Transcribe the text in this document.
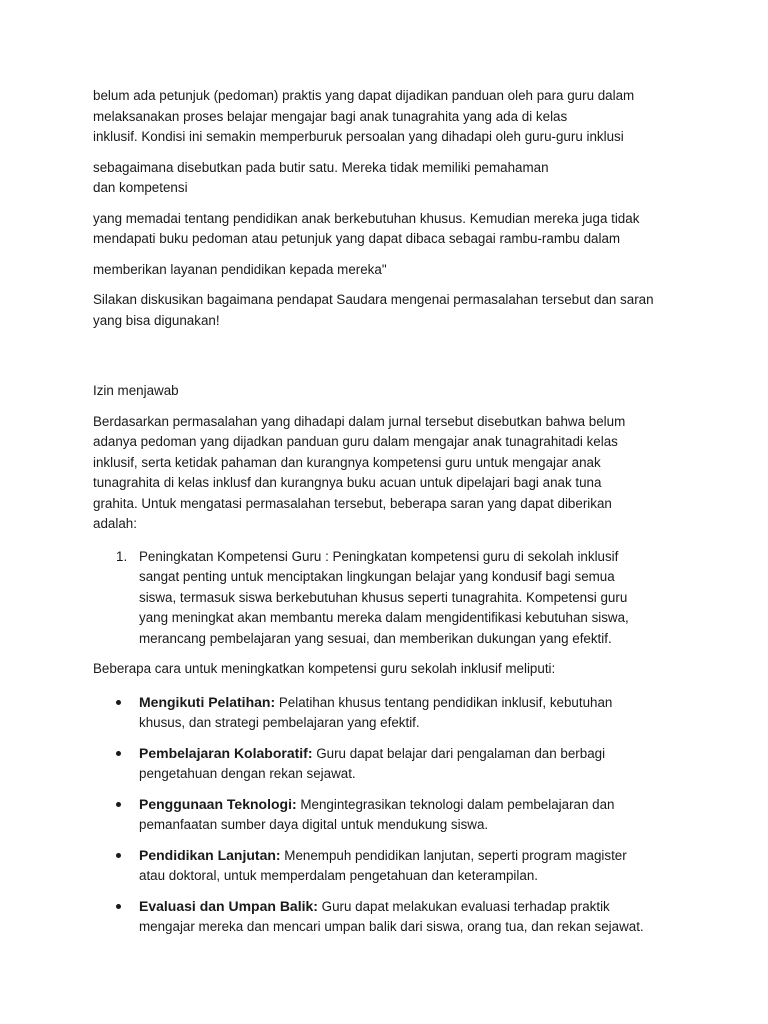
belum ada petunjuk (pedoman) praktis yang dapat dijadikan panduan oleh para guru dalam
melaksanakan proses belajar mengajar bagi anak tunagrahita yang ada di kelas
inklusif. Kondisi ini semakin memperburuk persoalan yang dihadapi oleh guru-guru inklusi

sebagaimana disebutkan pada butir satu. Mereka tidak memiliki pemahaman
dan kompetensi

yang memadai tentang pendidikan anak berkebutuhan khusus. Kemudian mereka juga tidak
mendapati buku pedoman atau petunjuk yang dapat dibaca sebagai rambu-rambu dalam

memberikan layanan pendidikan kepada mereka"

Silakan diskusikan bagaimana pendapat Saudara mengenai permasalahan tersebut dan saran
yang bisa digunakan!

Izin menjawab

Berdasarkan permasalahan yang dihadapi dalam jurnal tersebut disebutkan bahwa belum
adanya pedoman yang dijadkan panduan guru dalam mengajar anak tunagrahitadi kelas
inklusif, serta ketidak pahaman dan kurangnya kompetensi guru untuk mengajar anak
tunagrahita di kelas inklusf dan kurangnya buku acuan untuk dipelajari bagi anak tuna
grahita. Untuk mengatasi permasalahan tersebut, beberapa saran yang dapat diberikan
adalah:

1. Peningkatan Kompetensi Guru : Peningkatan kompetensi guru di sekolah inklusif
sangat penting untuk menciptakan lingkungan belajar yang kondusif bagi semua
siswa, termasuk siswa berkebutuhan khusus seperti tunagrahita. Kompetensi guru
yang meningkat akan membantu mereka dalam mengidentifikasi kebutuhan siswa,
merancang pembelajaran yang sesuai, dan memberikan dukungan yang efektif.

Beberapa cara untuk meningkatkan kompetensi guru sekolah inklusif meliputi:

Mengikuti Pelatihan: Pelatihan khusus tentang pendidikan inklusif, kebutuhan
khusus, dan strategi pembelajaran yang efektif.
Pembelajaran Kolaboratif: Guru dapat belajar dari pengalaman dan berbagi
pengetahuan dengan rekan sejawat.
Penggunaan Teknologi: Mengintegrasikan teknologi dalam pembelajaran dan
pemanfaatan sumber daya digital untuk mendukung siswa.
Pendidikan Lanjutan: Menempuh pendidikan lanjutan, seperti program magister
atau doktoral, untuk memperdalam pengetahuan dan keterampilan.
Evaluasi dan Umpan Balik: Guru dapat melakukan evaluasi terhadap praktik
mengajar mereka dan mencari umpan balik dari siswa, orang tua, dan rekan sejawat.
